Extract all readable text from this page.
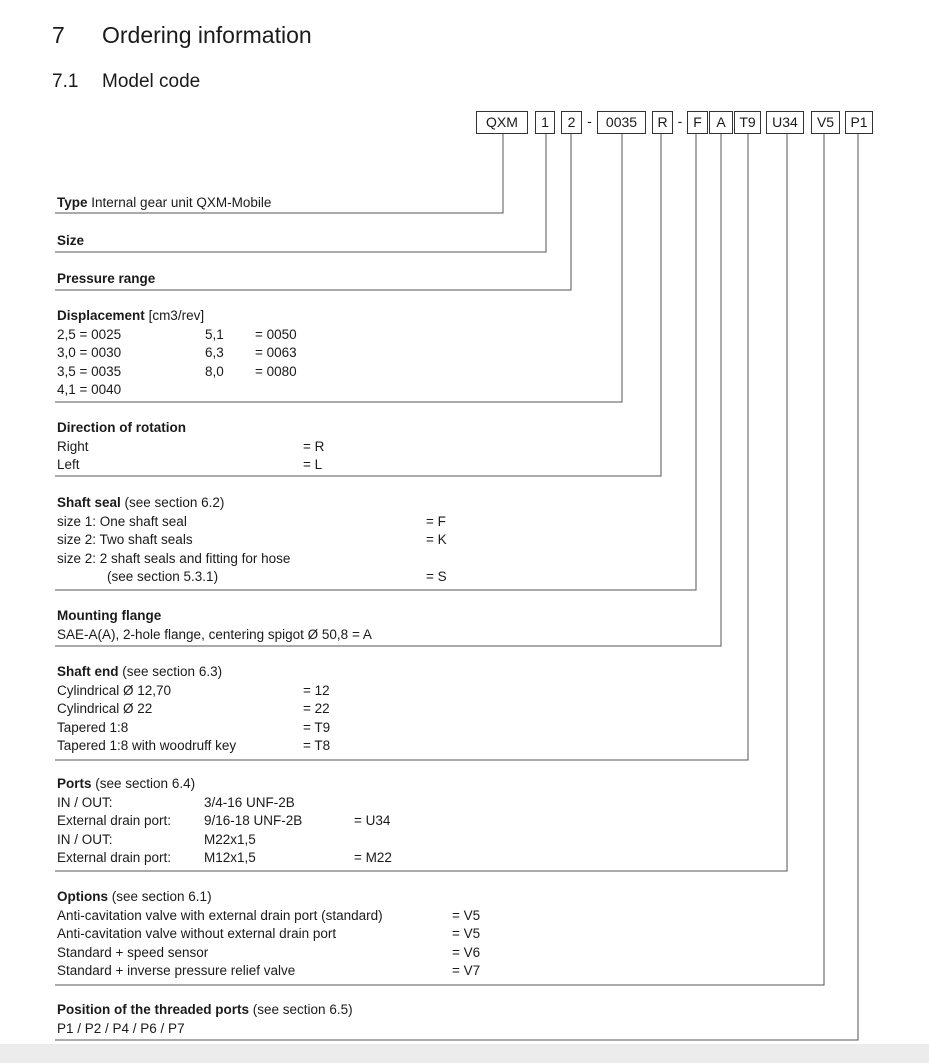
7 Ordering information
7.1 Model code
QXM	1	2 -	0035	R - F	A T9	U34	V5	P1
Type Internal gear unit QXM-Mobile
Size
Pressure range
Displacement [cm3/rev]
2,5 = 0025	5,1 = 0050
3,0 = 0030	6,3 = 0063
3,5 = 0035	8,0 = 0080
4,1 = 0040
Direction of rotation
Right	= R
Left	= L
Shaft seal (see section 6.2)
size 1: One shaft seal	= F
size 2: Two shaft seals	= K
size 2: 2 shaft seals and fitting for hose
(see section 5.3.1)	= S
Mounting flange
SAE-A(A), 2-hole flange, centering spigot Ø 50,8 = A
Shaft end (see section 6.3)
Cylindrical Ø 12,70	= 12
Cylindrical Ø 22	= 22
Tapered 1:8	= T9
Tapered 1:8 with woodruff key	= T8
Ports (see section 6.4)
IN / OUT:	3/4-16 UNF-2B
External drain port: 9/16-18 UNF-2B	= U34
IN / OUT:	M22x1,5
External drain port: M12x1,5	= M22
Options (see section 6.1)
Anti-cavitation valve with external drain port (standard)	= V5
Anti-cavitation valve without external drain port	= V5
Standard + speed sensor	= V6
Standard + inverse pressure relief valve	= V7
Position of the threaded ports (see section 6.5)
P1 / P2 / P4 / P6 / P7
